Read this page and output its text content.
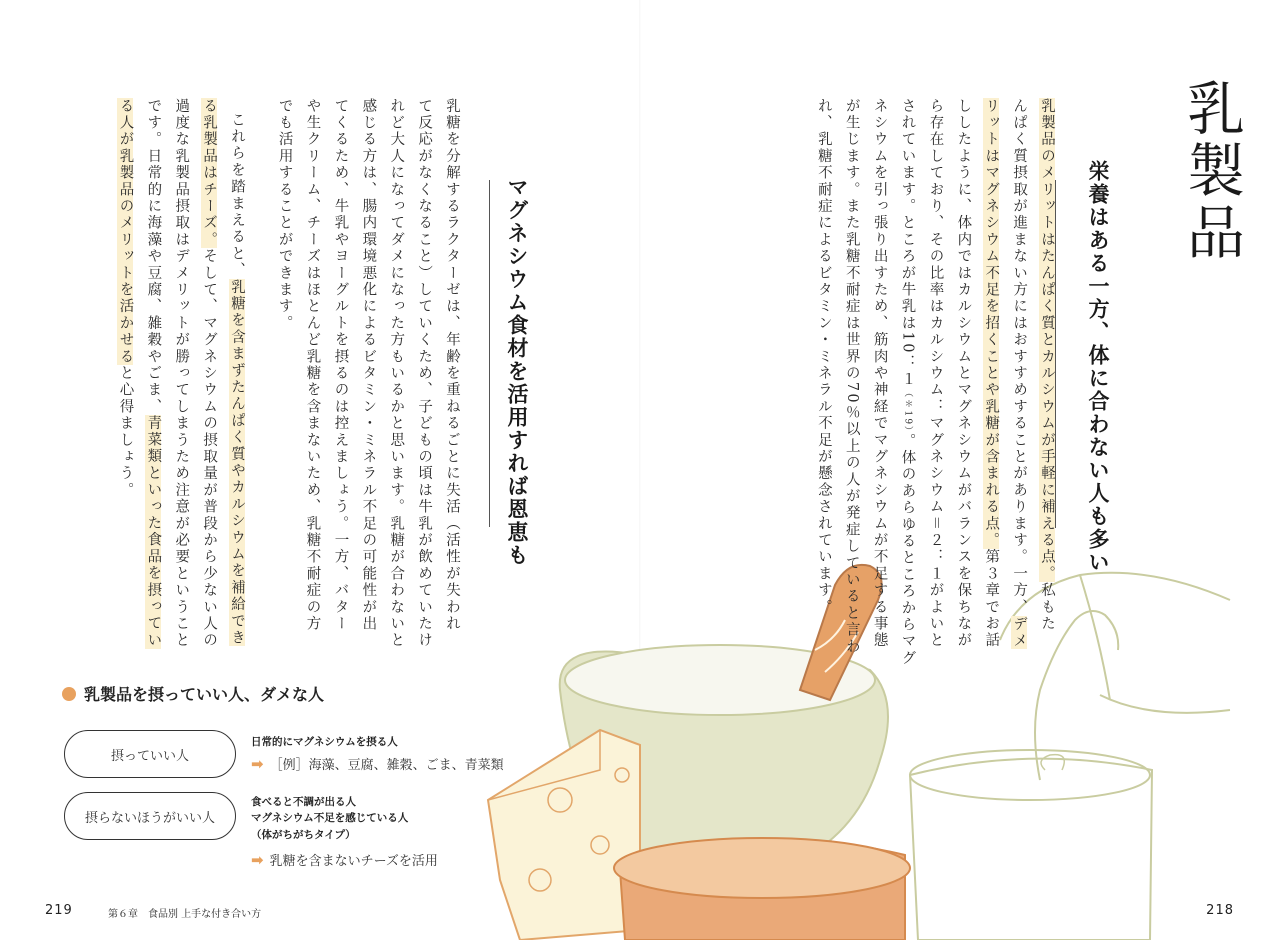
乳製品
栄養はある一方、体に合わない人も多い
マグネシウム食材を活用すれば恩恵も	乳製品のメリットはたんぱく質とカルシウムが手軽に補える点。私もた
んぱく質摂取が進まない方にはおすすめすることがあります。一方、デメ
リットはマグネシウム不足を招くことや乳糖が含まれる点。第３章でお話
ししたように、体内ではカルシウムとマグネシウムがバランスを保ちなが
ら存在しており、その比率はカルシウム：マグネシウム＝２：１がよいと
されています。ところが牛乳は10：１（＊19）。体のあらゆるところからマグ
ネシウムを引っ張り出すため、筋肉や神経でマグネシウムが不足する事態
が生じます。また乳糖不耐症は世界の70％以上の人が発症していると言わ
れ、乳糖不耐症によるビタミン・ミネラル不足が懸念されています。
乳糖を分解するラクターゼは、年齢を重ねるごとに失活（活性が失われ
て反応がなくなること）していくため、子どもの頃は牛乳が飲めていたけ
れど大人になってダメになった方もいるかと思います。乳糖が合わないと
感じる方は、腸内環境悪化によるビタミン・ミネラル不足の可能性が出
てくるため、牛乳やヨーグルトを摂るのは控えましょう。一方、バター
や生クリーム、チーズはほとんど乳糖を含まないため、乳糖不耐症の方
でも活用することができます。
これらを踏まえると、乳糖を含まずたんぱく質やカルシウムを補給でき
る乳製品はチーズ。そして、マグネシウムの摂取量が普段から少ない人の
過度な乳製品摂取はデメリットが勝ってしまうため注意が必要ということ
です。日常的に海藻や豆腐、雑穀やごま、青菜類といった食品を摂ってい
る人が乳製品のメリットを活かせると心得ましょう。
乳製品を摂っていい人、ダメな人
摂っていい人
日常的にマグネシウムを摂る人
➡ ［例］海藻、豆腐、雑穀、ごま、青菜類
摂らないほうがいい人
食べると不調が出る人
マグネシウム不足を感じている人
（体がちがちタイプ）
➡ 乳糖を含まないチーズを活用
219	第６章　食品別 上手な付き合い方	218
